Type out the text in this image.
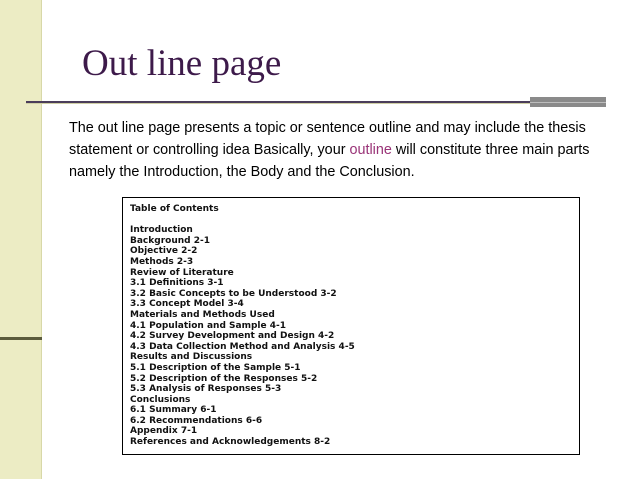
Out line page

The out line page presents a topic or sentence outline and may include the thesis statement or controlling idea Basically, your outline will constitute three main parts namely the Introduction, the Body and the Conclusion.

Table of Contents
Introduction
Background 2-1
Objective 2-2
Methods 2-3
Review of Literature
3.1 Definitions 3-1
3.2 Basic Concepts to be Understood 3-2
3.3 Concept Model 3-4
Materials and Methods Used
4.1 Population and Sample 4-1
4.2 Survey Development and Design 4-2
4.3 Data Collection Method and Analysis 4-5
Results and Discussions
5.1 Description of the Sample 5-1
5.2 Description of the Responses 5-2
5.3 Analysis of Responses 5-3
Conclusions
6.1 Summary 6-1
6.2 Recommendations 6-6
Appendix 7-1
References and Acknowledgements 8-2
